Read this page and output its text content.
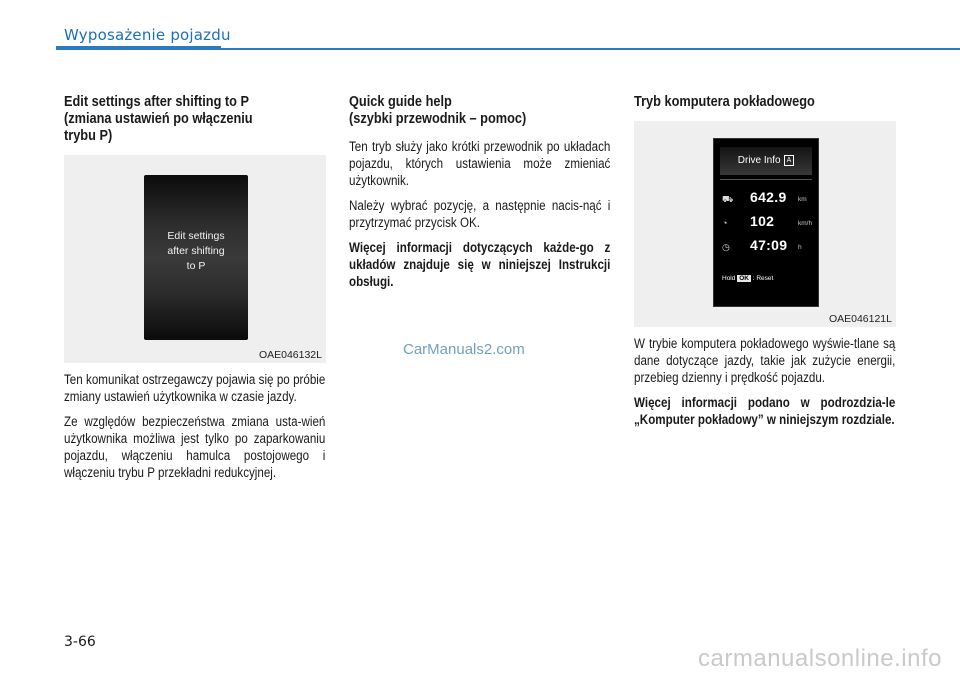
Wyposażenie pojazdu
Edit settings after shifting to P
(zmiana ustawień po włączeniu
trybu P)
Edit settings
after shifting
to P
OAE046132L

Ten komunikat ostrzegawczy pojawia się po próbie zmiany ustawień użytkownika w czasie jazdy.

Ze względów bezpieczeństwa zmiana usta-wień użytkownika możliwa jest tylko po zaparkowaniu pojazdu, włączeniu hamulca postojowego i włączeniu trybu P przekładni redukcyjnej.

Quick guide help
(szybki przewodnik – pomoc)

Ten tryb służy jako krótki przewodnik po układach pojazdu, których ustawienia może zmieniać użytkownik.

Należy wybrać pozycję, a następnie nacis-nąć i przytrzymać przycisk OK.

Więcej informacji dotyczących każde-go z układów znajduje się w niniejszej Instrukcji obsługi.

Tryb komputera pokładowego
Drive Info A
⛟ 642.9 km
◔ 102	km/h
◷ 47:09 h
Hold OK : Reset
OAE046121L

W trybie komputera pokładowego wyświe-tlane są dane dotyczące jazdy, takie jak zużycie energii, przebieg dzienny i prędkość pojazdu.

Więcej informacji podano w podrozdzia-le „Komputer pokładowy” w niniejszym rozdziale.

CarManuals2.com
3-66
carmanualsonline.info
